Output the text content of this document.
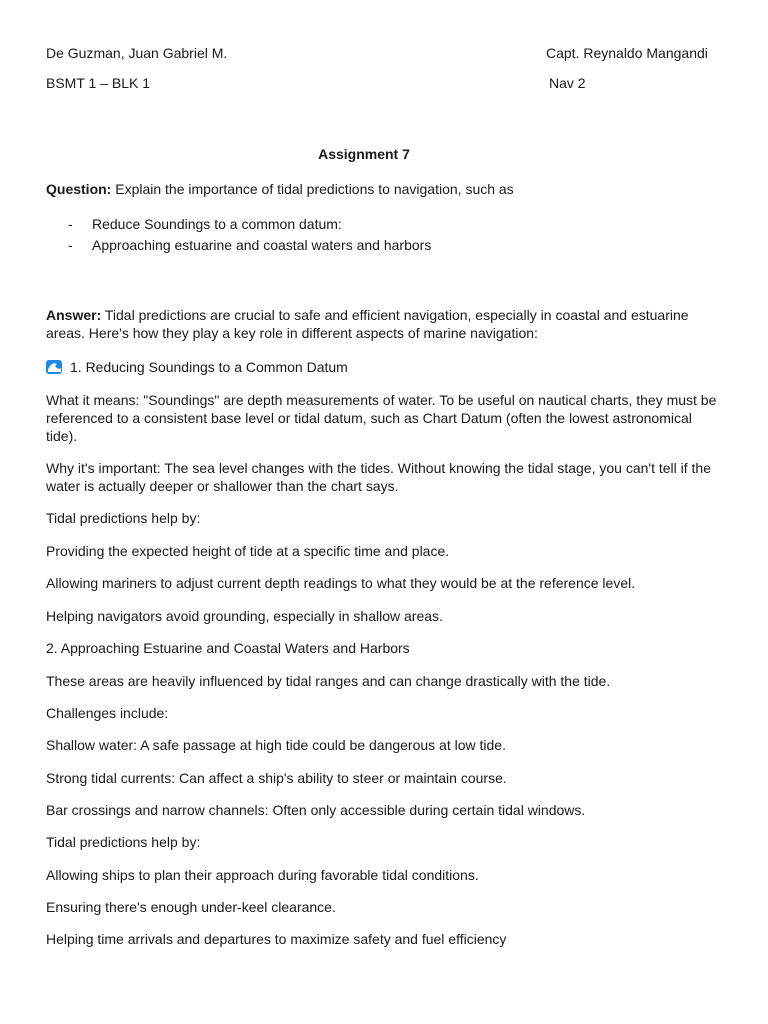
De Guzman, Juan Gabriel M.	Capt. Reynaldo Mangandi
BSMT 1 – BLK 1	Nav 2
Assignment 7
Question: Explain the importance of tidal predictions to navigation, such as
- Reduce Soundings to a common datum:
- Approaching estuarine and coastal waters and harbors
Answer: Tidal predictions are crucial to safe and efficient navigation, especially in coastal and estuarine areas. Here's how they play a key role in different aspects of marine navigation:
1. Reducing Soundings to a Common Datum
What it means: "Soundings" are depth measurements of water. To be useful on nautical charts, they must be referenced to a consistent base level or tidal datum, such as Chart Datum (often the lowest astronomical tide).
Why it's important: The sea level changes with the tides. Without knowing the tidal stage, you can't tell if the water is actually deeper or shallower than the chart says.
Tidal predictions help by:
Providing the expected height of tide at a specific time and place.
Allowing mariners to adjust current depth readings to what they would be at the reference level.
Helping navigators avoid grounding, especially in shallow areas.
2. Approaching Estuarine and Coastal Waters and Harbors
These areas are heavily influenced by tidal ranges and can change drastically with the tide.
Challenges include:
Shallow water: A safe passage at high tide could be dangerous at low tide.
Strong tidal currents: Can affect a ship's ability to steer or maintain course.
Bar crossings and narrow channels: Often only accessible during certain tidal windows.
Tidal predictions help by:
Allowing ships to plan their approach during favorable tidal conditions.
Ensuring there's enough under-keel clearance.
Helping time arrivals and departures to maximize safety and fuel efficiency
